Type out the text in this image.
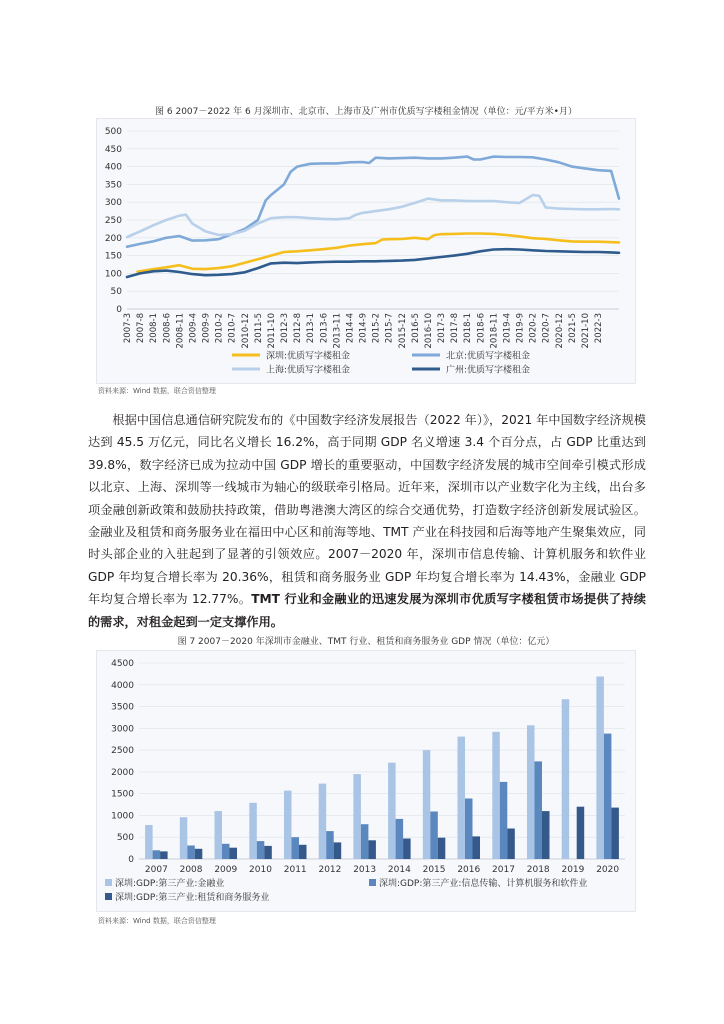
图 6 2007－2022 年 6 月深圳市、北京市、上海市及广州市优质写字楼租金情况（单位：元/平方米•月）
0
50
100
150
200
250
300
350
400
450
500
2007-3 2007-8 2008-1 2008-6 2008-11 2009-4 2009-9 2010-2 2010-7 2010-12 2011-5 2011-10 2012-3 2012-8 2013-1 2013-6 2013-11 2014-4 2014-9 2015-2 2015-7 2015-12 2016-5 2016-10 2017-3 2017-8 2018-1 2018-6 2018-11 2019-4 2019-9 2020-2 2020-7 2020-12 2021-5 2021-10 2022-3
深圳:优质写字楼租金	北京:优质写字楼租金
上海:优质写字楼租金	广州:优质写字楼租金
资料来源：Wind 数据，联合资信整理

根据中国信息通信研究院发布的《中国数字经济发展报告（2022 年）》，2021 年中国数字经济规模达到 45.5 万亿元，同比名义增长 16.2%，高于同期 GDP 名义增速 3.4 个百分点，占 GDP 比重达到 39.8%，数字经济已成为拉动中国 GDP 增长的重要驱动，中国数字经济发展的城市空间牵引模式形成以北京、上海、深圳等一线城市为轴心的级联牵引格局。近年来，深圳市以产业数字化为主线，出台多项金融创新政策和鼓励扶持政策，借助粤港澳大湾区的综合交通优势，打造数字经济创新发展试验区。金融业及租赁和商务服务业在福田中心区和前海等地、TMT 产业在科技园和后海等地产生聚集效应，同时头部企业的入驻起到了显著的引领效应。2007－2020 年，深圳市信息传输、计算机服务和软件业 GDP 年均复合增长率为 20.36%，租赁和商务服务业 GDP 年均复合增长率为 14.43%，金融业 GDP 年均复合增长率为 12.77%。TMT 行业和金融业的迅速发展为深圳市优质写字楼租赁市场提供了持续的需求，对租金起到一定支撑作用。

图 7 2007－2020 年深圳市金融业、TMT 行业、租赁和商务服务业 GDP 情况（单位：亿元）
0
500
1000
1500
2000
2500
3000
3500
4000
4500
2007 2008 2009 2010 2011 2012 2013 2014 2015 2016 2017 2018 2019 2020
深圳:GDP:第三产业:金融业	深圳:GDP:第三产业:信息传输、计算机服务和软件业
深圳:GDP:第三产业:租赁和商务服务业
资料来源：Wind 数据，联合资信整理
